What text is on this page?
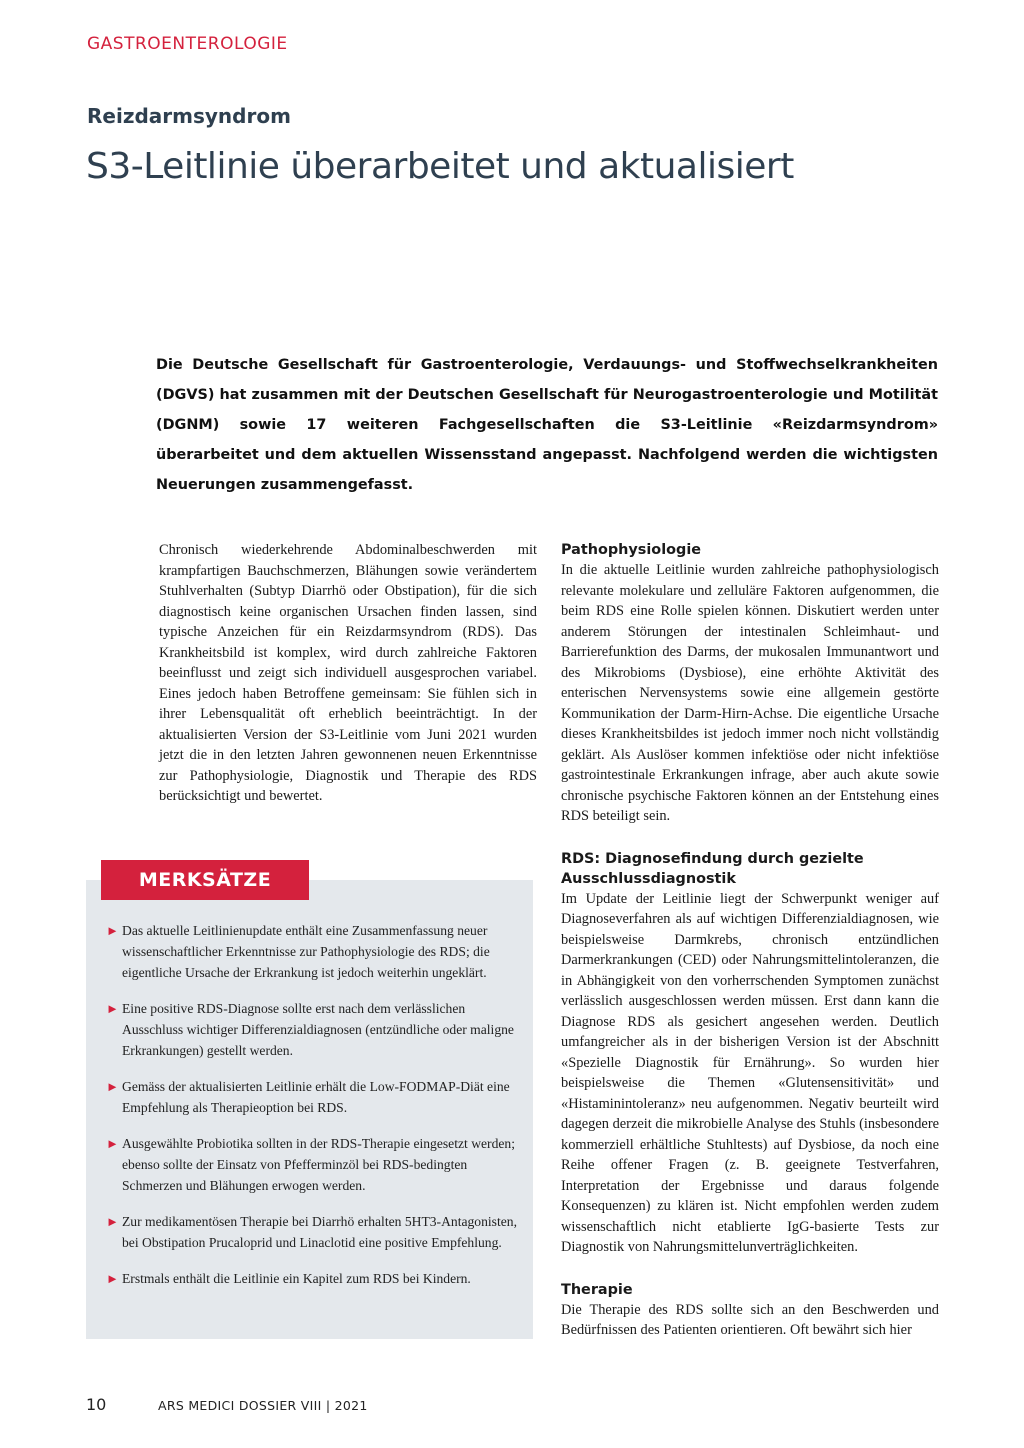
GASTROENTEROLOGIE
Reizdarmsyndrom
S3-Leitlinie überarbeitet und aktualisiert
Die Deutsche Gesellschaft für Gastroenterologie, Verdauungs- und Stoffwechselkrankheiten (DGVS) hat zusammen mit der Deutschen Gesellschaft für Neurogastroenterologie und Motilität (DGNM) sowie 17 weiteren Fachgesellschaften die S3-Leitlinie «Reizdarmsyndrom» überarbeitet und dem aktuellen Wissensstand angepasst. Nachfolgend werden die wichtigsten Neuerungen zusammengefasst.

Chronisch wiederkehrende Abdominalbeschwerden mit krampfartigen Bauchschmerzen, Blähungen sowie verändertem Stuhlverhalten (Subtyp Diarrhö oder Obstipation), für die sich diagnostisch keine organischen Ursachen finden lassen, sind typische Anzeichen für ein Reizdarmsyndrom (RDS). Das Krankheitsbild ist komplex, wird durch zahlreiche Faktoren beeinflusst und zeigt sich individuell ausgesprochen variabel. Eines jedoch haben Betroffene gemeinsam: Sie fühlen sich in ihrer Lebensqualität oft erheblich beeinträchtigt. In der aktualisierten Version der S3-Leitlinie vom Juni 2021 wurden jetzt die in den letzten Jahren gewonnenen neuen Erkenntnisse zur Pathophysiologie, Diagnostik und Therapie des RDS berücksichtigt und bewertet.

Pathophysiologie

In die aktuelle Leitlinie wurden zahlreiche pathophysiologisch relevante molekulare und zelluläre Faktoren aufgenommen, die beim RDS eine Rolle spielen können. Diskutiert werden unter anderem Störungen der intestinalen Schleimhaut- und Barrierefunktion des Darms, der mukosalen Immunantwort und des Mikrobioms (Dysbiose), eine erhöhte Aktivität des enterischen Nervensystems sowie eine allgemein gestörte Kommunikation der Darm-Hirn-Achse. Die eigentliche Ursache dieses Krankheitsbildes ist jedoch immer noch nicht vollständig geklärt. Als Auslöser kommen infektiöse oder nicht infektiöse gastrointestinale Erkrankungen infrage, aber auch akute sowie chronische psychische Faktoren können an der Entstehung eines RDS beteiligt sein.

RDS: Diagnosefindung durch gezielte Ausschlussdiagnostik

Im Update der Leitlinie liegt der Schwerpunkt weniger auf Diagnoseverfahren als auf wichtigen Differenzialdiagnosen, wie beispielsweise Darmkrebs, chronisch entzündlichen Darmerkrankungen (CED) oder Nahrungsmittelintoleranzen, die in Abhängigkeit von den vorherrschenden Symptomen zunächst verlässlich ausgeschlossen werden müssen. Erst dann kann die Diagnose RDS als gesichert angesehen werden. Deutlich umfangreicher als in der bisherigen Version ist der Abschnitt «Spezielle Diagnostik für Ernährung». So wurden hier beispielsweise die Themen «Glutensensitivität» und «Histaminintoleranz» neu aufgenommen. Negativ beurteilt wird dagegen derzeit die mikrobielle Analyse des Stuhls (insbesondere kommerziell erhältliche Stuhltests) auf Dysbiose, da noch eine Reihe offener Fragen (z. B. geeignete Testverfahren, Interpretation der Ergebnisse und daraus folgende Konsequenzen) zu klären ist. Nicht empfohlen werden zudem wissenschaftlich nicht etablierte IgG-basierte Tests zur Diagnostik von Nahrungsmittelunverträglichkeiten.

Therapie

Die Therapie des RDS sollte sich an den Beschwerden und Bedürfnissen des Patienten orientieren. Oft bewährt sich hier

► Das aktuelle Leitlinienupdate enthält eine Zusammenfassung neuer wissenschaftlicher Erkenntnisse zur Pathophysiologie des RDS; die eigentliche Ursache der Erkrankung ist jedoch weiterhin ungeklärt.
► Eine positive RDS-Diagnose sollte erst nach dem verlässlichen Ausschluss wichtiger Differenzialdiagnosen (entzündliche oder maligne Erkrankungen) gestellt werden.
► Gemäss der aktualisierten Leitlinie erhält die Low-FODMAP-Diät eine Empfehlung als Therapieoption bei RDS.
► Ausgewählte Probiotika sollten in der RDS-Therapie eingesetzt werden; ebenso sollte der Einsatz von Pfefferminzöl bei RDS-bedingten Schmerzen und Blähungen erwogen werden.
► Zur medikamentösen Therapie bei Diarrhö erhalten 5HT3-Antagonisten, bei Obstipation Prucaloprid und Linaclotid eine positive Empfehlung.
► Erstmals enthält die Leitlinie ein Kapitel zum RDS bei Kindern.
MERKSÄTZE
10	ARS MEDICI DOSSIER VIII | 2021
